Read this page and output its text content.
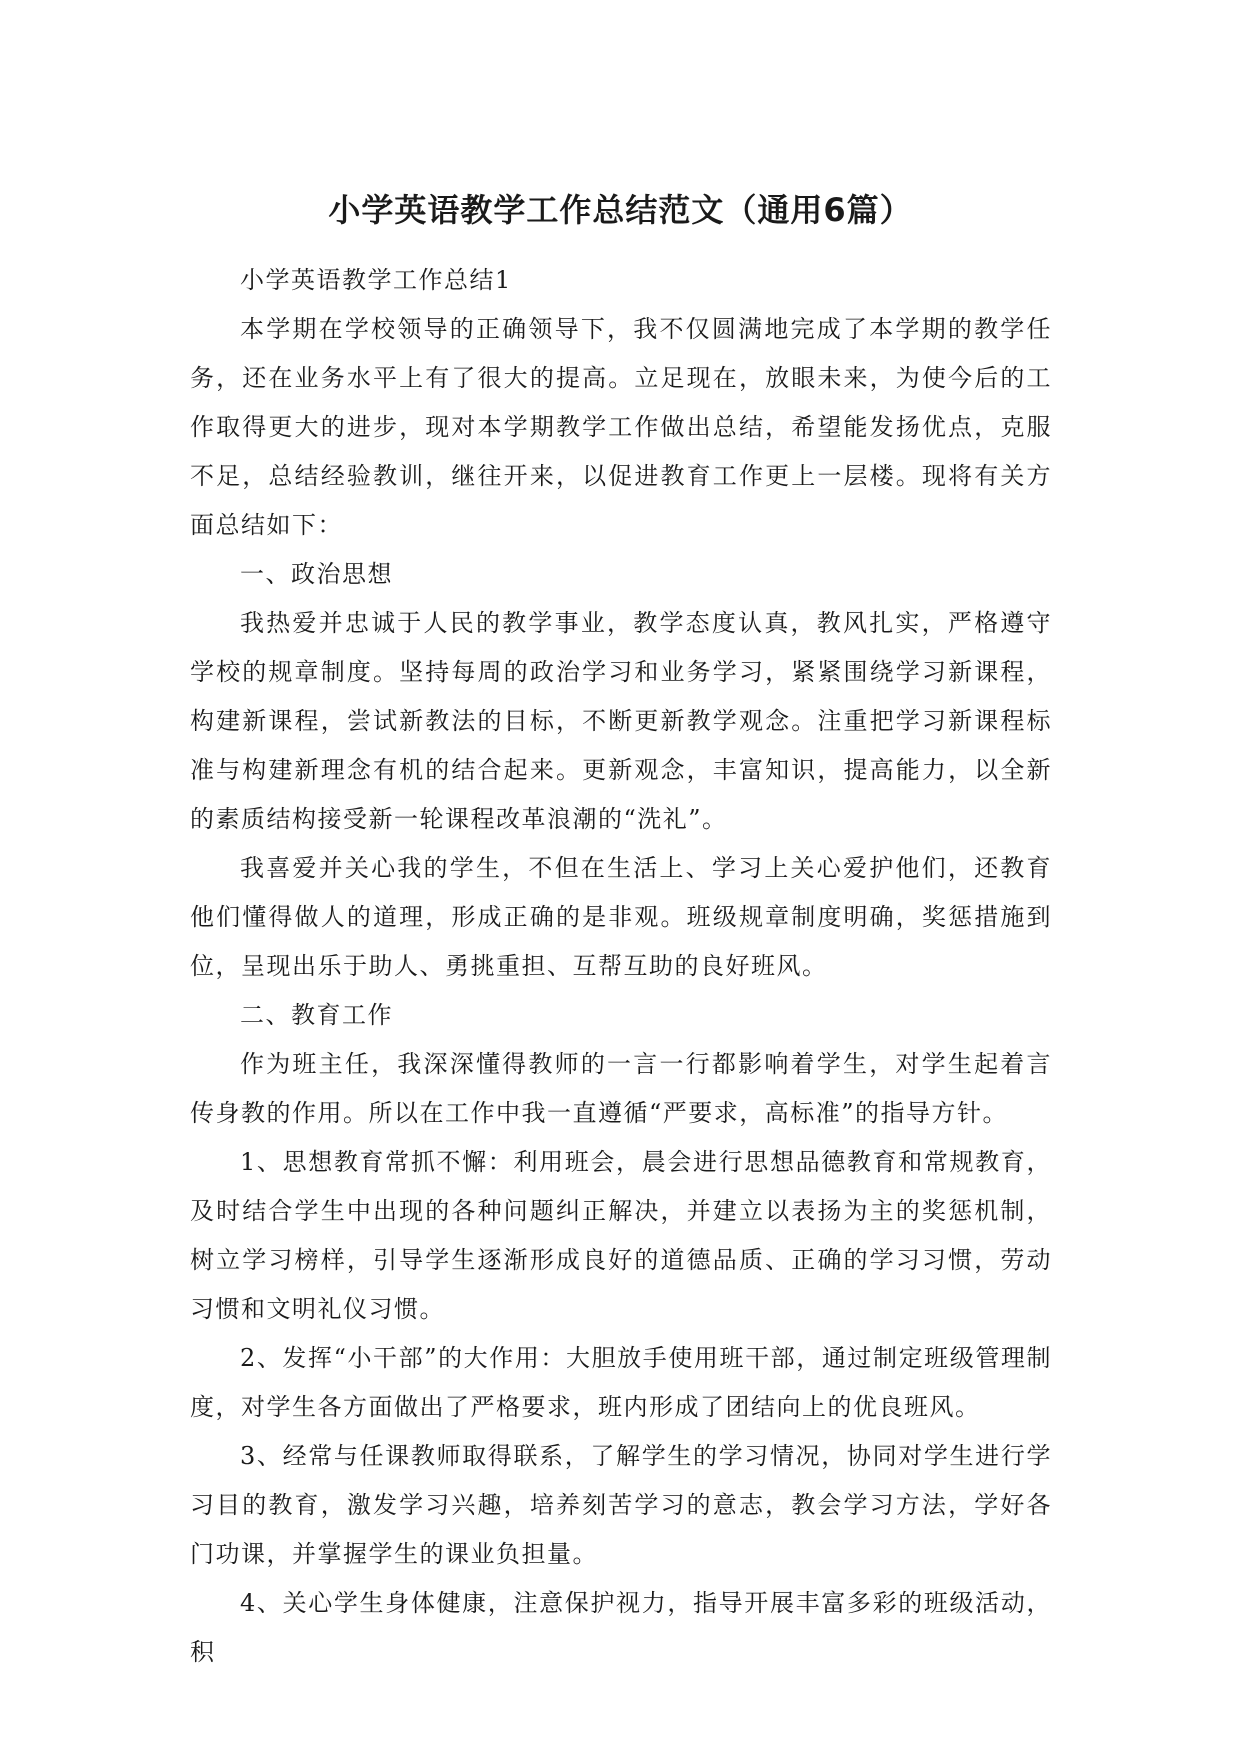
小学英语教学工作总结范文（通用6篇）

小学英语教学工作总结1

本学期在学校领导的正确领导下，我不仅圆满地完成了本学期的教学任务，还在业务水平上有了很大的提高。立足现在，放眼未来，为使今后的工作取得更大的进步，现对本学期教学工作做出总结，希望能发扬优点，克服不足，总结经验教训，继往开来，以促进教育工作更上一层楼。现将有关方面总结如下：

一、政治思想

我热爱并忠诚于人民的教学事业，教学态度认真，教风扎实，严格遵守学校的规章制度。坚持每周的政治学习和业务学习，紧紧围绕学习新课程，构建新课程，尝试新教法的目标，不断更新教学观念。注重把学习新课程标准与构建新理念有机的结合起来。更新观念，丰富知识，提高能力，以全新的素质结构接受新一轮课程改革浪潮的“洗礼”。

我喜爱并关心我的学生，不但在生活上、学习上关心爱护他们，还教育他们懂得做人的道理，形成正确的是非观。班级规章制度明确，奖惩措施到位，呈现出乐于助人、勇挑重担、互帮互助的良好班风。

二、教育工作

作为班主任，我深深懂得教师的一言一行都影响着学生，对学生起着言传身教的作用。所以在工作中我一直遵循“严要求，高标准”的指导方针。

1、思想教育常抓不懈：利用班会，晨会进行思想品德教育和常规教育，及时结合学生中出现的各种问题纠正解决，并建立以表扬为主的奖惩机制，树立学习榜样，引导学生逐渐形成良好的道德品质、正确的学习习惯，劳动习惯和文明礼仪习惯。

2、发挥“小干部”的大作用：大胆放手使用班干部，通过制定班级管理制度，对学生各方面做出了严格要求，班内形成了团结向上的优良班风。

3、经常与任课教师取得联系，了解学生的学习情况，协同对学生进行学习目的教育，激发学习兴趣，培养刻苦学习的意志，教会学习方法，学好各门功课，并掌握学生的课业负担量。

4、关心学生身体健康，注意保护视力，指导开展丰富多彩的班级活动，积
